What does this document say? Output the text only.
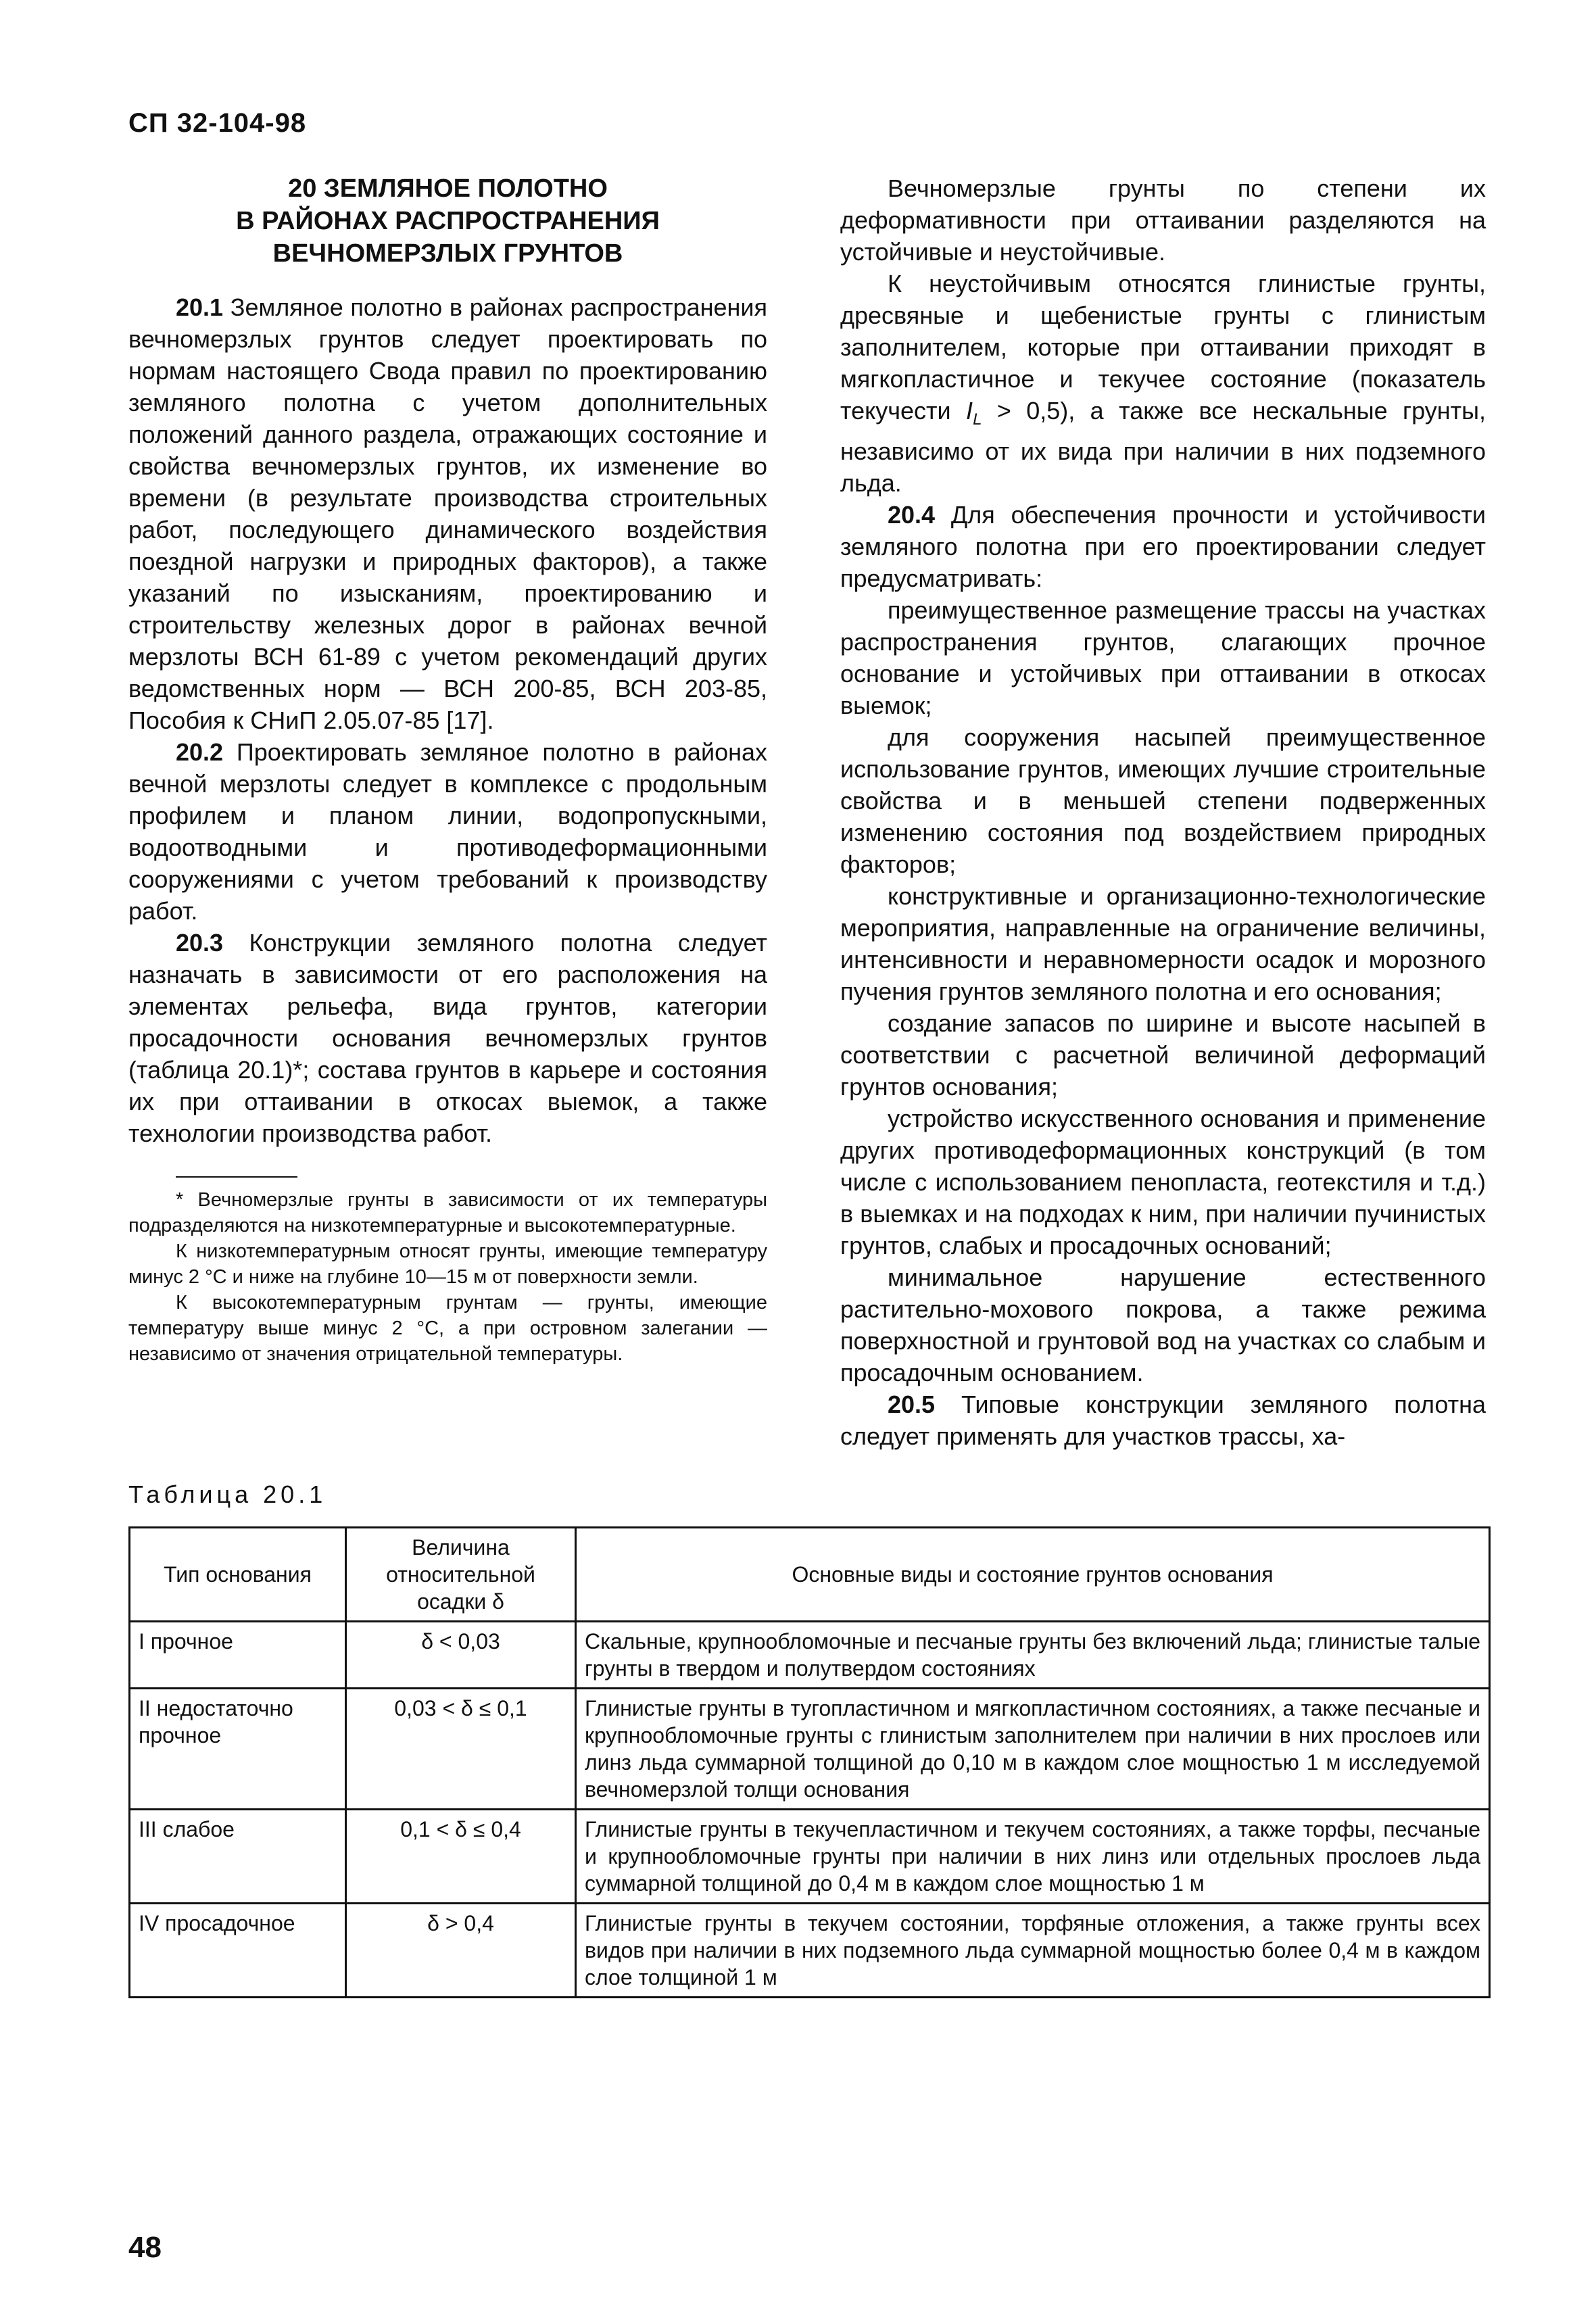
СП 32-104-98
20 ЗЕМЛЯНОЕ ПОЛОТНО
В РАЙОНАХ РАСПРОСТРАНЕНИЯ
ВЕЧНОМЕРЗЛЫХ ГРУНТОВ

20.1 Земляное полотно в районах распространения вечномерзлых грунтов следует проектировать по нормам настоящего Свода правил по проектированию земляного полотна с учетом дополнительных положений данного раздела, отражающих состояние и свойства вечномерзлых грунтов, их изменение во времени (в результате производства строительных работ, последующего динамического воздействия поездной нагрузки и природных факторов), а также указаний по изысканиям, проектированию и строительству железных дорог в районах вечной мерзлоты ВСН 61-89 с учетом рекомендаций других ведомственных норм — ВСН 200-85, ВСН 203-85, Пособия к СНиП 2.05.07-85 [17].

20.2 Проектировать земляное полотно в районах вечной мерзлоты следует в комплексе с продольным профилем и планом линии, водопропускными, водоотводными и противодеформационными сооружениями с учетом требований к производству работ.

20.3 Конструкции земляного полотна следует назначать в зависимости от его расположения на элементах рельефа, вида грунтов, категории просадочности основания вечномерзлых грунтов (таблица 20.1)*; состава грунтов в карьере и состояния их при оттаивании в откосах выемок, а также технологии производства работ.

* Вечномерзлые грунты в зависимости от их температуры подразделяются на низкотемпературные и высокотемпературные.

К низкотемпературным относят грунты, имеющие температуру минус 2 °С и ниже на глубине 10—15 м от поверхности земли.

К высокотемпературным грунтам — грунты, имеющие температуру выше минус 2 °С, а при островном залегании — независимо от значения отрицательной температуры.

Вечномерзлые грунты по степени их деформативности при оттаивании разделяются на устойчивые и неустойчивые.

К неустойчивым относятся глинистые грунты, дресвяные и щебенистые грунты с глинистым заполнителем, которые при оттаивании приходят в мягкопластичное и текучее состояние (показатель текучести $I_L > 0,5$), а также все нескальные грунты, независимо от их вида при наличии в них подземного льда.

20.4 Для обеспечения прочности и устойчивости земляного полотна при его проектировании следует предусматривать:

преимущественное размещение трассы на участках распространения грунтов, слагающих прочное основание и устойчивых при оттаивании в откосах выемок;

для сооружения насыпей преимущественное использование грунтов, имеющих лучшие строительные свойства и в меньшей степени подверженных изменению состояния под воздействием природных факторов;

конструктивные и организационно-технологические мероприятия, направленные на ограничение величины, интенсивности и неравномерности осадок и морозного пучения грунтов земляного полотна и его основания;

создание запасов по ширине и высоте насыпей в соответствии с расчетной величиной деформаций грунтов основания;

устройство искусственного основания и применение других противодеформационных конструкций (в том числе с использованием пенопласта, геотекстиля и т.д.) в выемках и на подходах к ним, при наличии пучинистых грунтов, слабых и просадочных оснований;

минимальное нарушение естественного растительно-мохового покрова, а также режима поверхностной и грунтовой вод на участках со слабым и просадочным основанием.

20.5 Типовые конструкции земляного полотна следует применять для участков трассы, ха-

Таблица 20.1
Тип основания	Величина относительной осадки δ	Основные виды и состояние грунтов основания
I прочное	δ < 0,03	Скальные, крупнообломочные и песчаные грунты без включений льда; глинистые талые грунты в твердом и полутвердом состояниях
II недостаточно прочное	0,03 < δ ≤ 0,1	Глинистые грунты в тугопластичном и мягкопластичном состояниях, а также песчаные и крупнообломочные грунты с глинистым заполнителем при наличии в них прослоев или линз льда суммарной толщиной до 0,10 м в каждом слое мощностью 1 м исследуемой вечномерзлой толщи основания
III слабое	0,1 < δ ≤ 0,4	Глинистые грунты в текучепластичном и текучем состояниях, а также торфы, песчаные и крупнообломочные грунты при наличии в них линз или отдельных прослоев льда суммарной толщиной до 0,4 м в каждом слое мощностью 1 м
IV просадочное	δ > 0,4	Глинистые грунты в текучем состоянии, торфяные отложения, а также грунты всех видов при наличии в них подземного льда суммарной мощностью более 0,4 м в каждом слое толщиной 1 м
48
